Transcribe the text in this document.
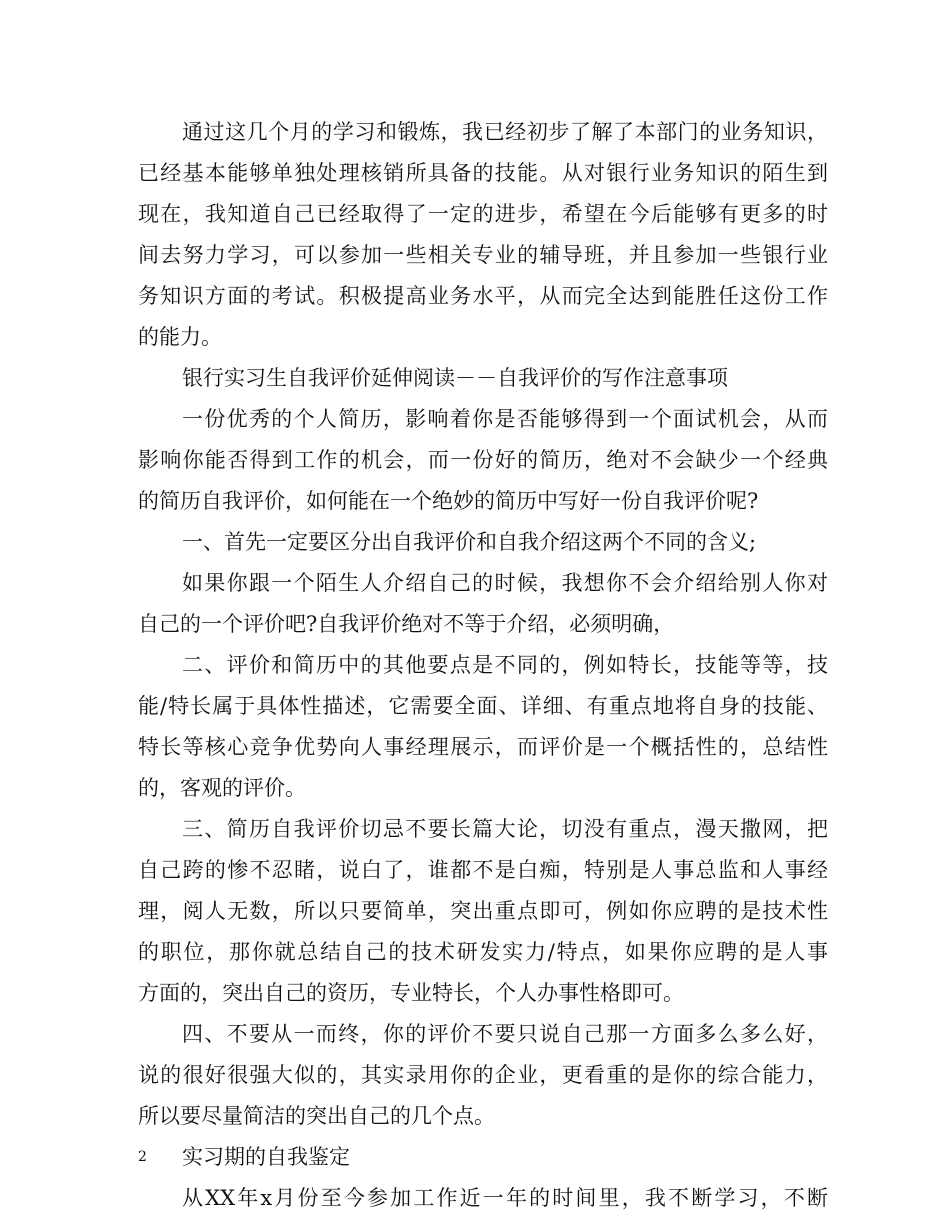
通过这几个月的学习和锻炼，我已经初步了解了本部门的业务知识，
已经基本能够单独处理核销所具备的技能。从对银行业务知识的陌生到
现在，我知道自己已经取得了一定的进步，希望在今后能够有更多的时
间去努力学习，可以参加一些相关专业的辅导班，并且参加一些银行业
务知识方面的考试。积极提高业务水平，从而完全达到能胜任这份工作
的能力。
银行实习生自我评价延伸阅读－－自我评价的写作注意事项
一份优秀的个人简历，影响着你是否能够得到一个面试机会，从而
影响你能否得到工作的机会，而一份好的简历，绝对不会缺少一个经典
的简历自我评价，如何能在一个绝妙的简历中写好一份自我评价呢?
一、首先一定要区分出自我评价和自我介绍这两个不同的含义;
如果你跟一个陌生人介绍自己的时候，我想你不会介绍给别人你对
自己的一个评价吧?自我评价绝对不等于介绍，必须明确，
二、评价和简历中的其他要点是不同的，例如特长，技能等等，技
能/特长属于具体性描述，它需要全面、详细、有重点地将自身的技能、
特长等核心竞争优势向人事经理展示，而评价是一个概括性的，总结性
的，客观的评价。
三、简历自我评价切忌不要长篇大论，切没有重点，漫天撒网，把
自己跨的惨不忍睹，说白了，谁都不是白痴，特别是人事总监和人事经
理，阅人无数，所以只要简单，突出重点即可，例如你应聘的是技术性
的职位，那你就总结自己的技术研发实力/特点，如果你应聘的是人事
方面的，突出自己的资历，专业特长，个人办事性格即可。
四、不要从一而终，你的评价不要只说自己那一方面多么多么好，
说的很好很强大似的，其实录用你的企业，更看重的是你的综合能力，
所以要尽量简洁的突出自己的几个点。
实习期的自我鉴定
从XX年x月份至今参加工作近一年的时间里，我不断学习，不断
2
